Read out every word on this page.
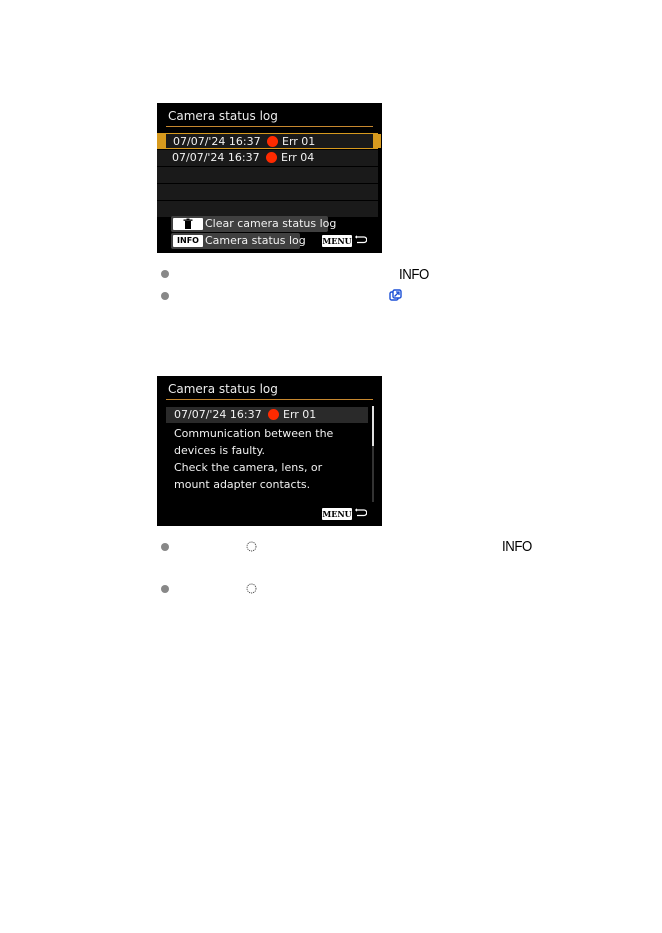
Camera status log
07/07/'24 16:37 Err 01
07/07/'24 16:37 Err 04
Clear camera status log
INFO Camera status log MENU
INFO
Camera status log
07/07/'24 16:37 Err 01
Communication between the
devices is faulty.
Check the camera, lens, or
mount adapter contacts.
MENU
INFO
